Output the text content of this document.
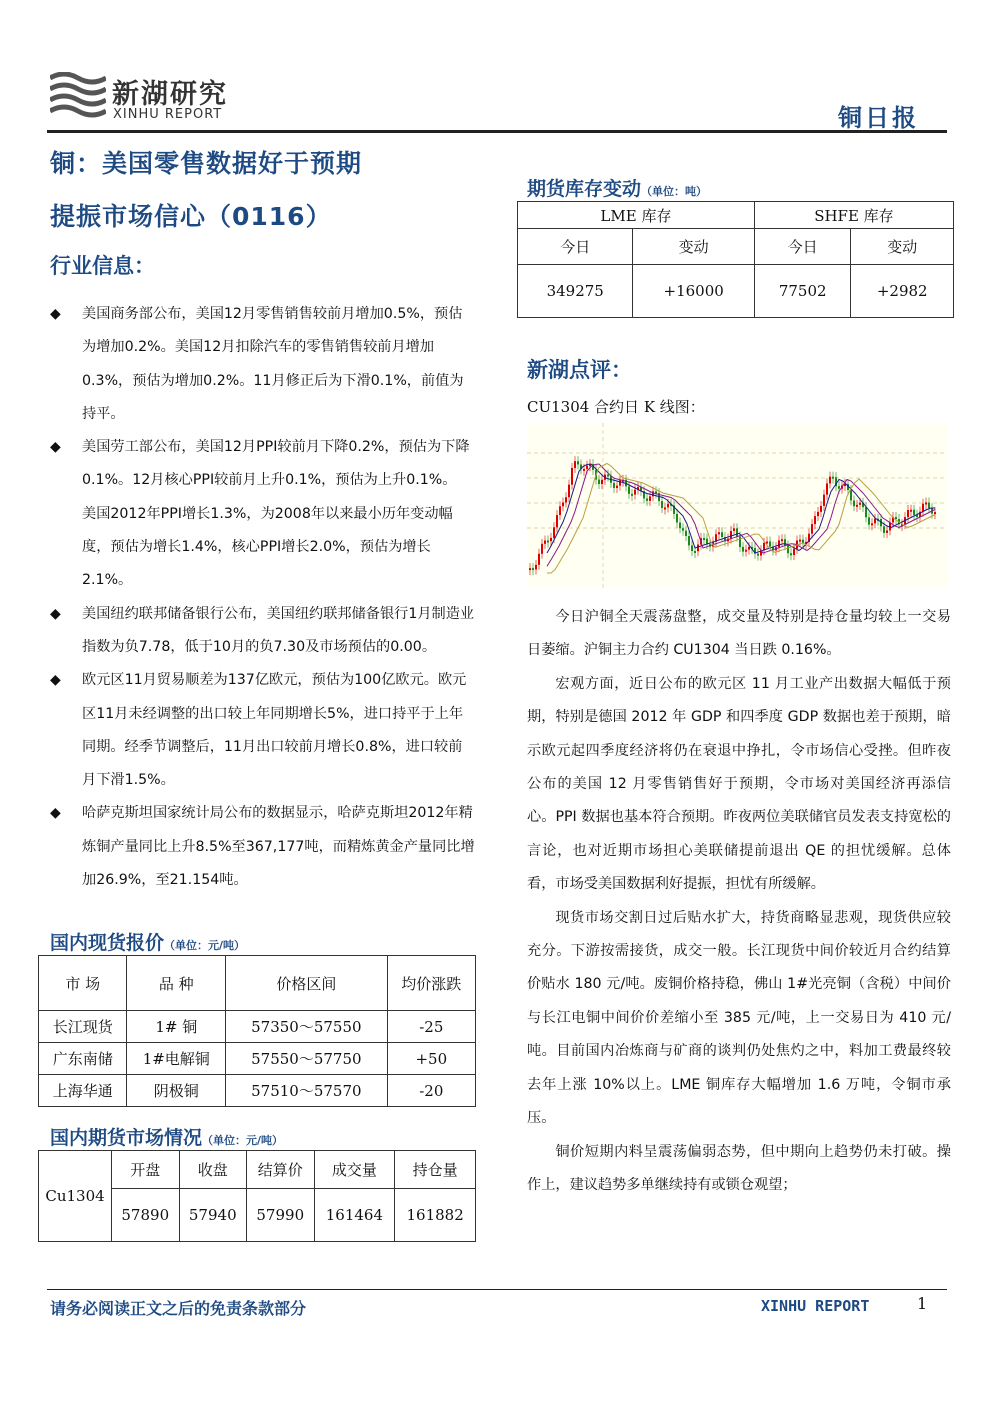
新湖研究
XINHU REPORT	铜日报
铜：美国零售数据好于预期
提振市场信心（0116）
行业信息：
◆ 美国商务部公布，美国12月零售销售较前月增加0.5%，预估为增加0.2%。美国12月扣除汽车的零售销售较前月增加0.3%，预估为增加0.2%。11月修正后为下滑0.1%，前值为持平。
◆ 美国劳工部公布，美国12月PPI较前月下降0.2%，预估为下降0.1%。12月核心PPI较前月上升0.1%，预估为上升0.1%。 美国2012年PPI增长1.3%，为2008年以来最小历年变动幅度，预估为增长1.4%，核心PPI增长2.0%，预估为增长2.1%。
◆ 美国纽约联邦储备银行公布，美国纽约联邦储备银行1月制造业指数为负7.78，低于10月的负7.30及市场预估的0.00。
◆ 欧元区11月贸易顺差为137亿欧元，预估为100亿欧元。欧元区11月未经调整的出口较上年同期增长5%，进口持平于上年同期。经季节调整后，11月出口较前月增长0.8%，进口较前月下滑1.5%。
◆ 哈萨克斯坦国家统计局公布的数据显示，哈萨克斯坦2012年精炼铜产量同比上升8.5%至367,177吨，而精炼黄金产量同比增加26.9%，至21.154吨。
国内现货报价（单位：元/吨）
市 场	品 种	价格区间	均价涨跌
长江现货	1# 铜	57350～57550	-25
广东南储	1#电解铜	57550～57750	+50
上海华通	阴极铜	57510～57570	-20
国内期货市场情况（单位：元/吨）
Cu1304	开盘	收盘	结算价	成交量	持仓量
	57890	57940	57990	161464	161882
期货库存变动（单位：吨）
LME 库存		SHFE 库存	
今日	变动	今日	变动
349275	+16000	77502	+2982
新湖点评：
CU1304 合约日 K 线图：

今日沪铜全天震荡盘整，成交量及特别是持仓量均较上一交易日萎缩。沪铜主力合约 CU1304 当日跌 0.16%。

宏观方面，近日公布的欧元区 11 月工业产出数据大幅低于预期，特别是德国 2012 年 GDP 和四季度 GDP 数据也差于预期，暗示欧元起四季度经济将仍在衰退中挣扎，令市场信心受挫。但昨夜公布的美国 12 月零售销售好于预期，令市场对美国经济再添信心。PPI 数据也基本符合预期。昨夜两位美联储官员发表支持宽松的言论，也对近期市场担心美联储提前退出 QE 的担忧缓解。总体看，市场受美国数据利好提振，担忧有所缓解。

现货市场交割日过后贴水扩大，持货商略显悲观，现货供应较充分。下游按需接货，成交一般。长江现货中间价较近月合约结算价贴水 180 元/吨。废铜价格持稳，佛山 1#光亮铜（含税）中间价与长江电铜中间价价差缩小至 385 元/吨，上一交易日为 410 元/吨。目前国内冶炼商与矿商的谈判仍处焦灼之中，料加工费最终较去年上涨 10%以上。LME 铜库存大幅增加 1.6 万吨，令铜市承压。

铜价短期内料呈震荡偏弱态势，但中期向上趋势仍未打破。操作上，建议趋势多单继续持有或锁仓观望；

请务必阅读正文之后的免责条款部分	XINHU REPORT	1
